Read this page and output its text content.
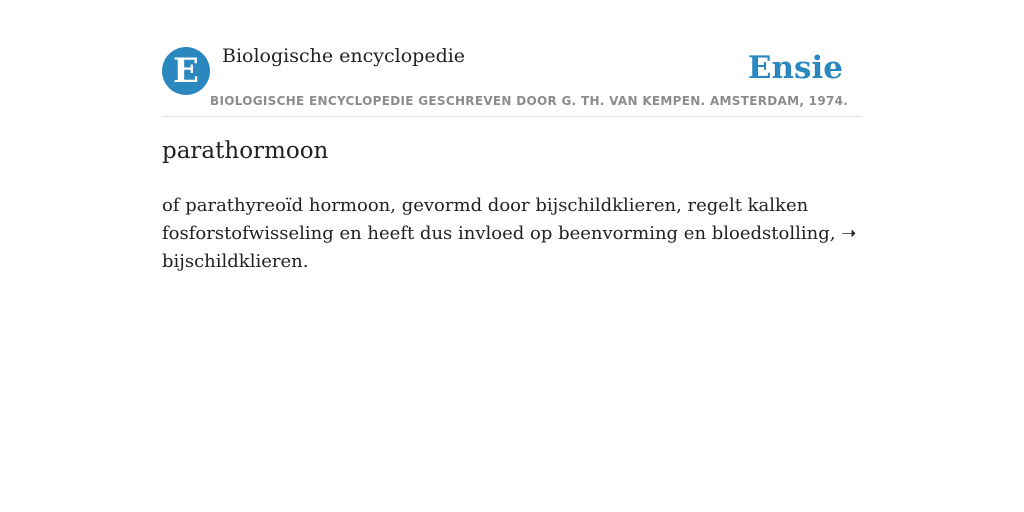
E	Biologische encyclopedie
BIOLOGISCHE ENCYCLOPEDIE GESCHREVEN DOOR G. TH. VAN KEMPEN. AMSTERDAM, 1974.
Ensie
parathormoon

of parathyreoïd hormoon, gevormd door bijschildklieren, regelt kalken
fosforstofwisseling en heeft dus invloed op beenvorming en bloedstolling, ➝
bijschildklieren.
